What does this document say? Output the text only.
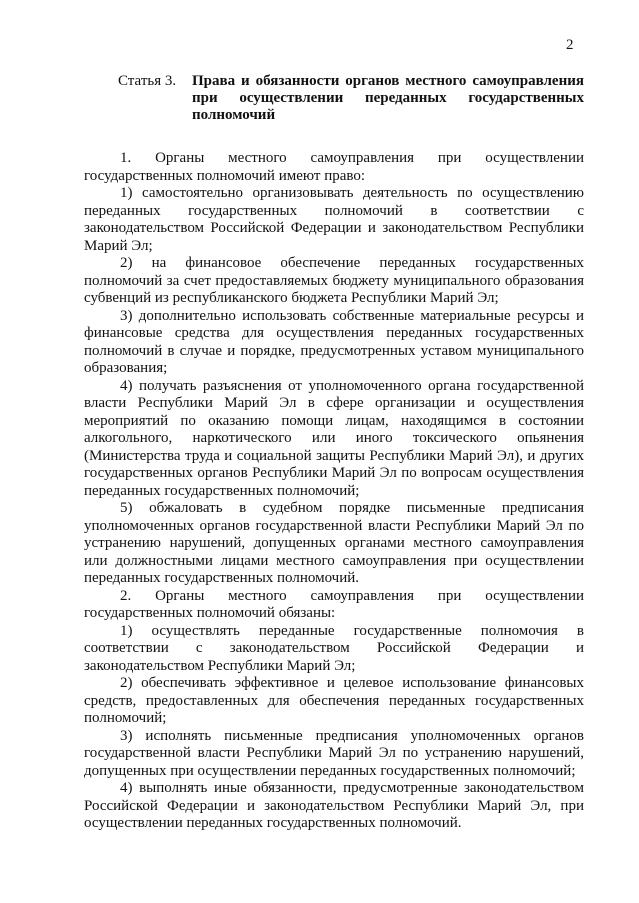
2
Статья 3. Права и обязанности органов местного самоуправления при осуществлении переданных государственных полномочий

1. Органы местного самоуправления при осуществлении государственных полномочий имеют право:

1) самостоятельно организовывать деятельность по осуществлению переданных государственных полномочий в соответствии с законодательством Российской Федерации и законодательством Республики Марий Эл;

2) на финансовое обеспечение переданных государственных полномочий за счет предоставляемых бюджету муниципального образования субвенций из республиканского бюджета Республики Марий Эл;

3) дополнительно использовать собственные материальные ресурсы и финансовые средства для осуществления переданных государственных полномочий в случае и порядке, предусмотренных уставом муниципального образования;

4) получать разъяснения от уполномоченного органа государственной власти Республики Марий Эл в сфере организации и осуществления мероприятий по оказанию помощи лицам, находящимся в состоянии алкогольного, наркотического или иного токсического опьянения (Министерства труда и социальной защиты Республики Марий Эл), и других государственных органов Республики Марий Эл по вопросам осуществления переданных государственных полномочий;

5) обжаловать в судебном порядке письменные предписания уполномоченных органов государственной власти Республики Марий Эл по устранению нарушений, допущенных органами местного самоуправления или должностными лицами местного самоуправления при осуществлении переданных государственных полномочий.

2. Органы местного самоуправления при осуществлении государственных полномочий обязаны:

1) осуществлять переданные государственные полномочия в соответствии с законодательством Российской Федерации и законодательством Республики Марий Эл;

2) обеспечивать эффективное и целевое использование финансовых средств, предоставленных для обеспечения переданных государственных полномочий;

3) исполнять письменные предписания уполномоченных органов государственной власти Республики Марий Эл по устранению нарушений, допущенных при осуществлении переданных государственных полномочий;

4) выполнять иные обязанности, предусмотренные законодательством Российской Федерации и законодательством Республики Марий Эл, при осуществлении переданных государственных полномочий.
